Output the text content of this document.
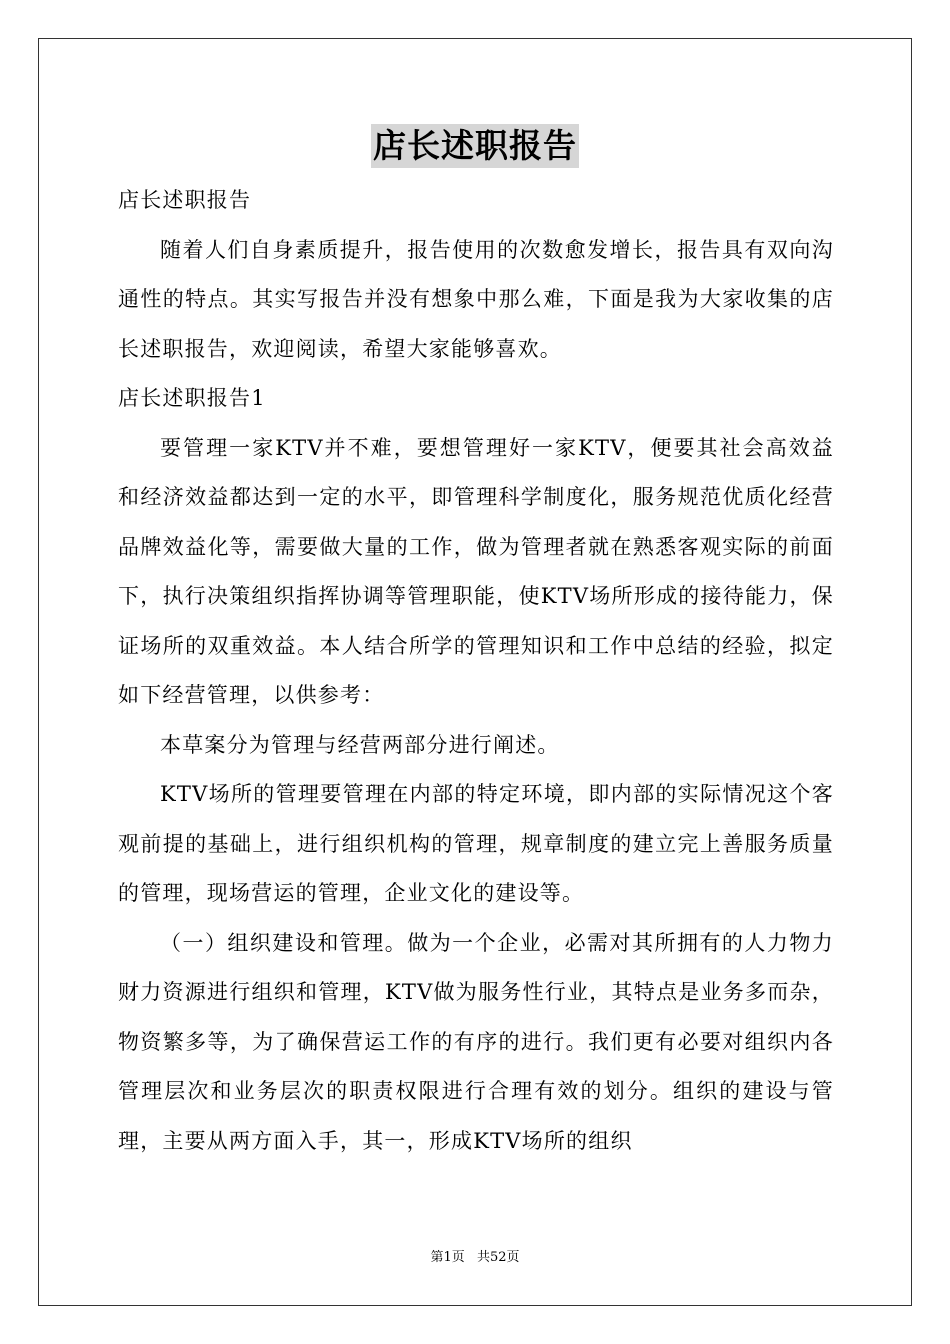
店长述职报告

店长述职报告

随着人们自身素质提升，报告使用的次数愈发增长，报告具有双向沟通性的特点。其实写报告并没有想象中那么难，下面是我为大家收集的店长述职报告，欢迎阅读，希望大家能够喜欢。

店长述职报告1

要管理一家KTV并不难，要想管理好一家KTV，便要其社会高效益和经济效益都达到一定的水平，即管理科学制度化，服务规范优质化经营品牌效益化等，需要做大量的工作，做为管理者就在熟悉客观实际的前面下，执行决策组织指挥协调等管理职能，使KTV场所形成的接待能力，保证场所的双重效益。本人结合所学的管理知识和工作中总结的经验，拟定如下经营管理，以供参考：

本草案分为管理与经营两部分进行阐述。

KTV场所的管理要管理在内部的特定环境，即内部的实际情况这个客观前提的基础上，进行组织机构的管理，规章制度的建立完上善服务质量的管理，现场营运的管理，企业文化的建设等。

（一）组织建设和管理。做为一个企业，必需对其所拥有的人力物力财力资源进行组织和管理，KTV做为服务性行业，其特点是业务多而杂，物资繁多等，为了确保营运工作的有序的进行。我们更有必要对组织内各管理层次和业务层次的职责权限进行合理有效的划分。组织的建设与管理，主要从两方面入手，其一，形成KTV场所的组织

第1页 共52页
